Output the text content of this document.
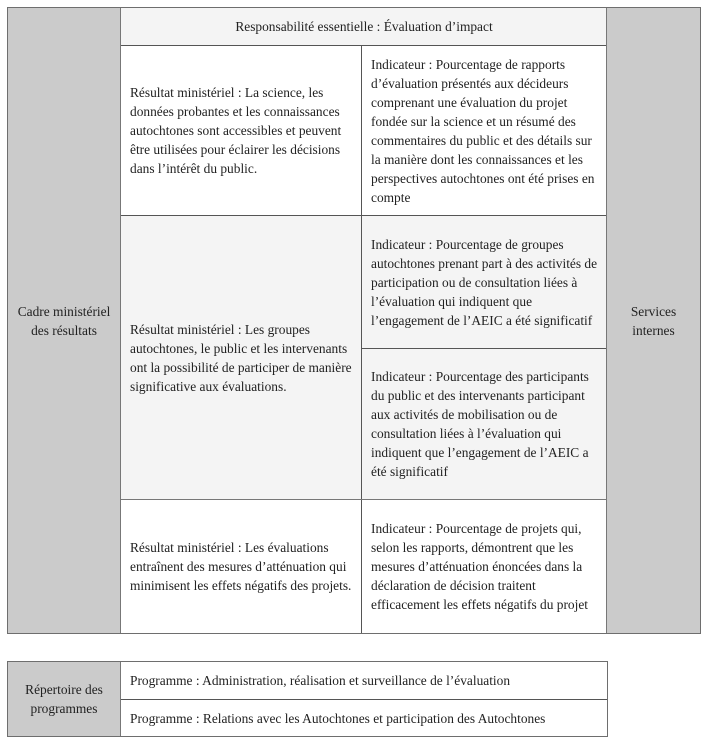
Cadre ministériel des résultats
Services internes
Responsabilité essentielle : Évaluation d’impact
Résultat ministériel : La science, les données probantes et les connaissances autochtones sont accessibles et peuvent être utilisées pour éclairer les décisions dans l’intérêt du public.
Indicateur : Pourcentage de rapports d’évaluation présentés aux décideurs comprenant une évaluation du projet fondée sur la science et un résumé des commentaires du public et des détails sur la manière dont les connaissances et les perspectives autochtones ont été prises en compte
Résultat ministériel : Les groupes autochtones, le public et les intervenants ont la possibilité de participer de manière significative aux évaluations.
Indicateur : Pourcentage de groupes autochtones prenant part à des activités de participation ou de consultation liées à l’évaluation qui indiquent que l’engagement de l’AEIC a été significatif
Indicateur : Pourcentage des participants du public et des intervenants participant aux activités de mobilisation ou de consultation liées à l’évaluation qui indiquent que l’engagement de l’AEIC a été significatif
Résultat ministériel : Les évaluations entraînent des mesures d’atténuation qui minimisent les effets négatifs des projets.
Indicateur : Pourcentage de projets qui, selon les rapports, démontrent que les mesures d’atténuation énoncées dans la déclaration de décision traitent efficacement les effets négatifs du projet
Répertoire des programmes
Programme : Administration, réalisation et surveillance de l’évaluation
Programme : Relations avec les Autochtones et participation des Autochtones
